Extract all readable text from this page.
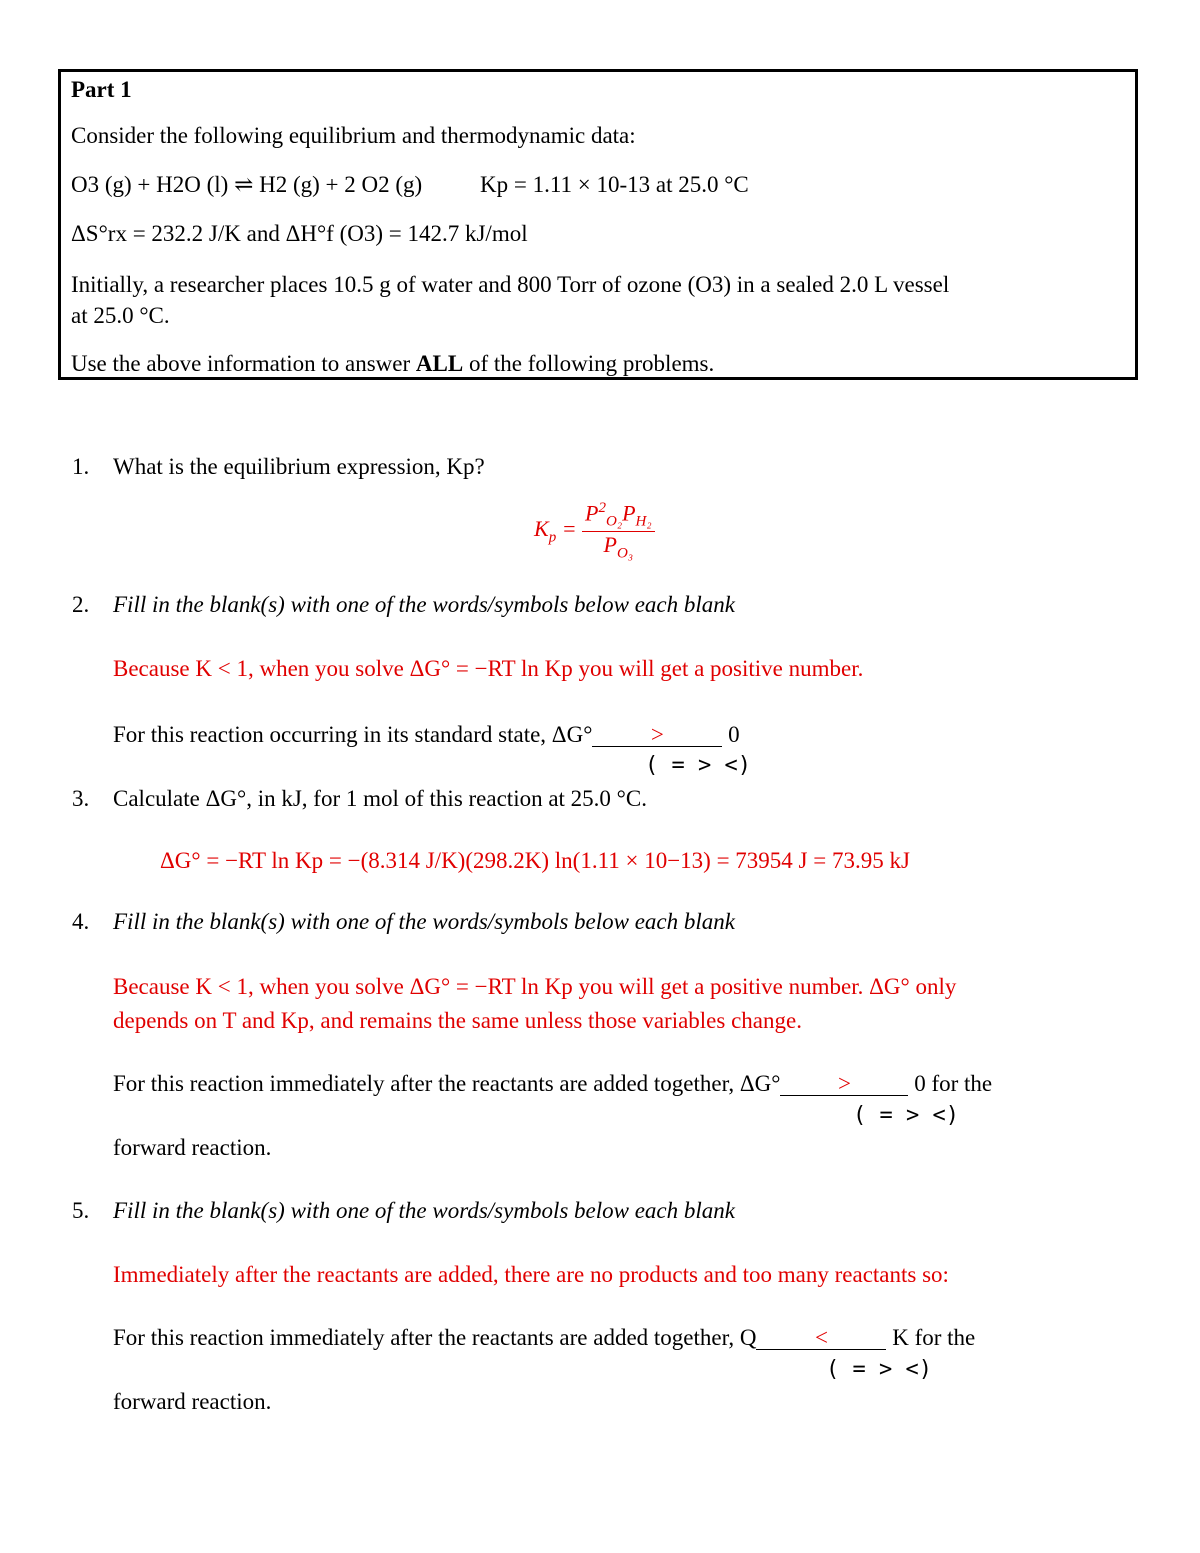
Part 1
Consider the following equilibrium and thermodynamic data:
O3 (g) + H2O (l) ⇌ H2 (g) + 2 O2 (g)	Kp = 1.11 × 10-13 at 25.0 °C
ΔS°rx = 232.2 J/K and ΔH°f (O3) = 142.7 kJ/mol
Initially, a researcher places 10.5 g of water and 800 Torr of ozone (O3) in a sealed 2.0 L vessel
at 25.0 °C.
Use the above information to answer ALL of the following problems.
1. What is the equilibrium expression, Kp?
$K_p = \frac{P^2_{O_2}P_{H_2}}{P_{O_3}}$
2. Fill in the blank(s) with one of the words/symbols below each blank
Because K < 1, when you solve ΔG° = −RT ln Kp you will get a positive number.
For this reaction occurring in its standard state, ΔG°	>	0
( = > <)
3. Calculate ΔG°, in kJ, for 1 mol of this reaction at 25.0 °C.
ΔG° = −RT ln Kp = −(8.314 J/K)(298.2K) ln(1.11 × 10−13) = 73954 J = 73.95 kJ
4. Fill in the blank(s) with one of the words/symbols below each blank
Because K < 1, when you solve ΔG° = −RT ln Kp you will get a positive number. ΔG° only
depends on T and Kp, and remains the same unless those variables change.
For this reaction immediately after the reactants are added together, ΔG°	>	0 for the
( = > <)
forward reaction.
5. Fill in the blank(s) with one of the words/symbols below each blank
Immediately after the reactants are added, there are no products and too many reactants so:
For this reaction immediately after the reactants are added together, Q	<	K for the
( = > <)
forward reaction.
